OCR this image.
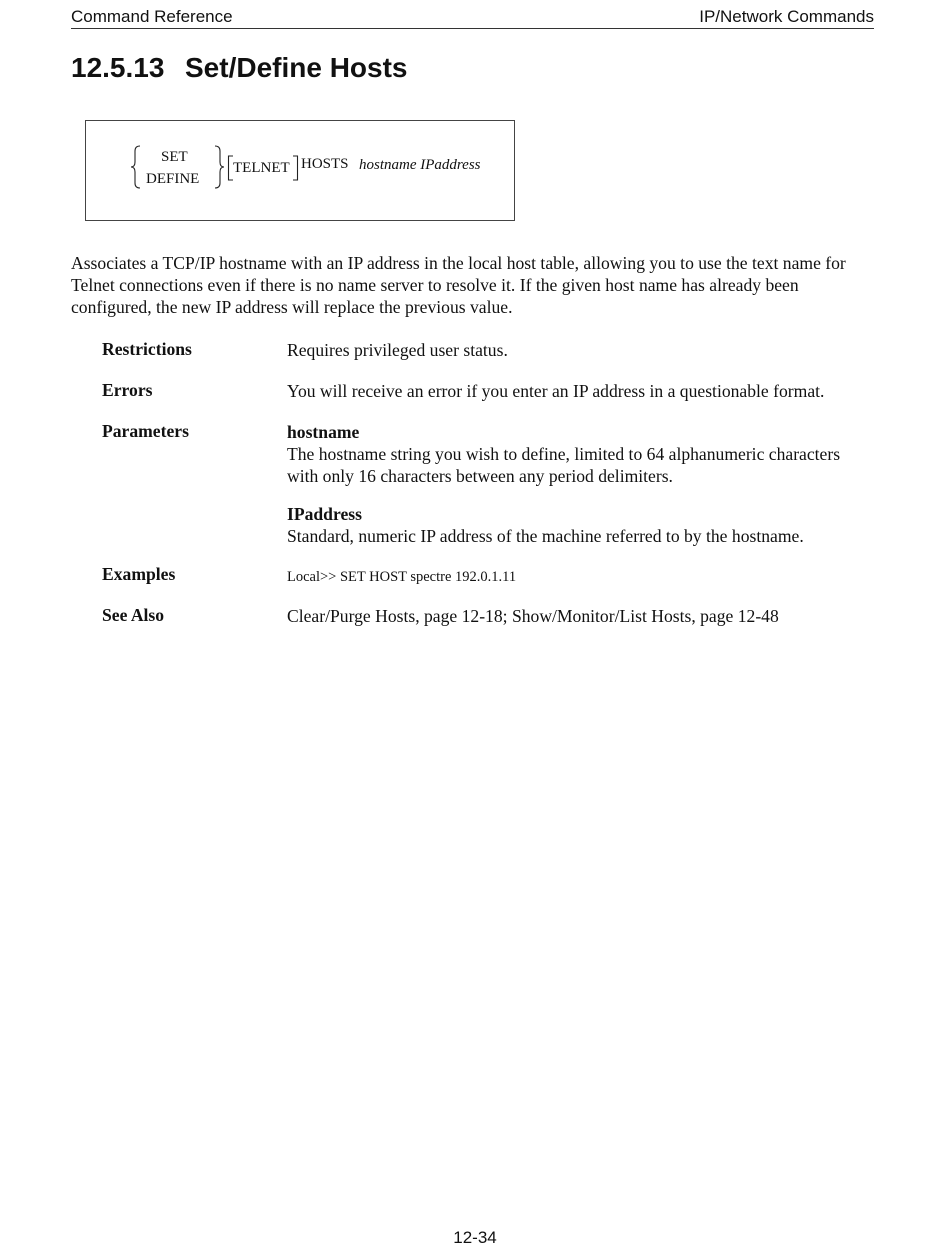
Command Reference	IP/Network Commands
12.5.13 Set/Define Hosts
SET
DEFINE
TELNET HOSTS hostname IPaddress

Associates a TCP/IP hostname with an IP address in the local host table, allowing you to use the text name for Telnet connections even if there is no name server to resolve it. If the given host name has already been configured, the new IP address will replace the previous value.

Restrictions	Requires privileged user status.
Errors	You will receive an error if you enter an IP address in a questionable format.
Parameters	hostname
The hostname string you wish to define, limited to 64 alphanumeric characters with only 16 characters between any period delimiters.
IPaddress
Standard, numeric IP address of the machine referred to by the hostname.
Examples	Local>> SET HOST spectre 192.0.1.11
See Also	Clear/Purge Hosts, page 12-18; Show/Monitor/List Hosts, page 12-48
12-34
